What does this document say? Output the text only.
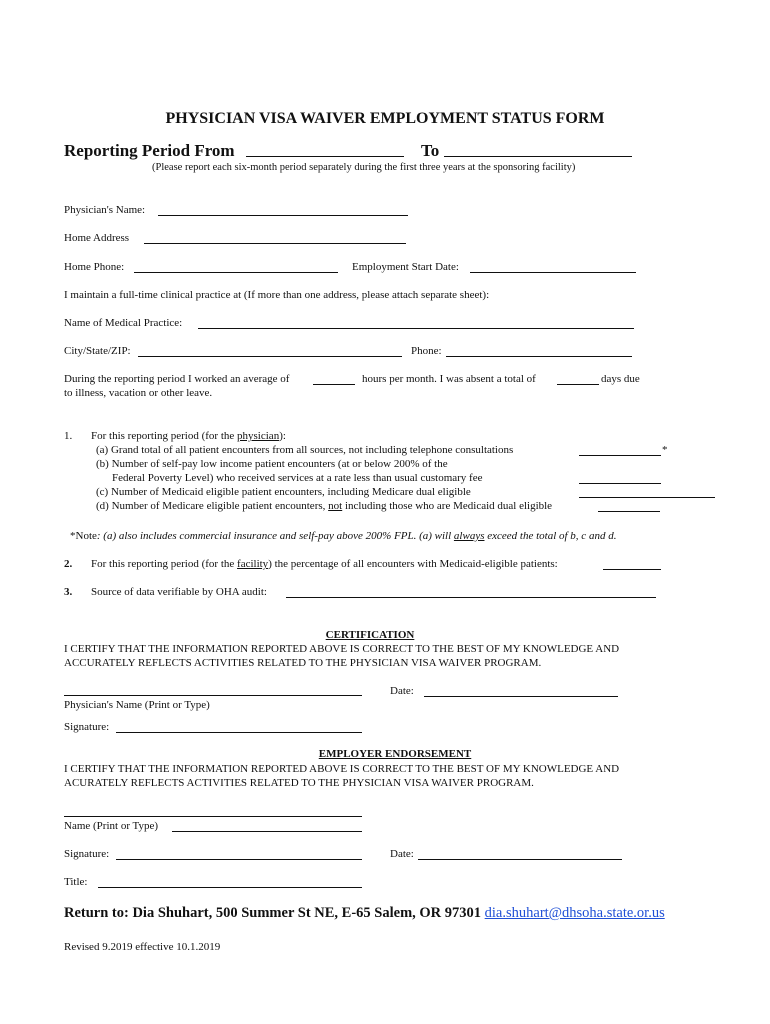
PHYSICIAN VISA WAIVER EMPLOYMENT STATUS FORM
Reporting Period From	To
(Please report each six-month period separately during the first three years at the sponsoring facility)
Physician's Name:
Home Address
Home Phone:	Employment Start Date:
I maintain a full-time clinical practice at (If more than one address, please attach separate sheet):
Name of Medical Practice:
City/State/ZIP:	Phone:
During the reporting period I worked an average of	hours per month. I was absent a total of	days due
to illness, vacation or other leave.
1. For this reporting period (for the physician):
(a) Grand total of all patient encounters from all sources, not including telephone consultations	*
(b) Number of self-pay low income patient encounters (at or below 200% of the
Federal Poverty Level) who received services at a rate less than usual customary fee
(c) Number of Medicaid eligible patient encounters, including Medicare dual eligible
(d) Number of Medicare eligible patient encounters, not including those who are Medicaid dual eligible
*Note: (a) also includes commercial insurance and self-pay above 200% FPL. (a) will always exceed the total of b, c and d.
2. For this reporting period (for the facility) the percentage of all encounters with Medicaid-eligible patients:
3. Source of data verifiable by OHA audit:
CERTIFICATION
I CERTIFY THAT THE INFORMATION REPORTED ABOVE IS CORRECT TO THE BEST OF MY KNOWLEDGE AND
ACCURATELY REFLECTS ACTIVITIES RELATED TO THE PHYSICIAN VISA WAIVER PROGRAM.
Date:
Physician's Name (Print or Type)
Signature:
EMPLOYER ENDORSEMENT
I CERTIFY THAT THE INFORMATION REPORTED ABOVE IS CORRECT TO THE BEST OF MY KNOWLEDGE AND
ACURATELY REFLECTS ACTIVITIES RELATED TO THE PHYSICIAN VISA WAIVER PROGRAM.
Name (Print or Type)
Signature:	Date:
Title:
Return to: Dia Shuhart, 500 Summer St NE, E-65 Salem, OR 97301 dia.shuhart@dhsoha.state.or.us
Revised 9.2019 effective 10.1.2019
